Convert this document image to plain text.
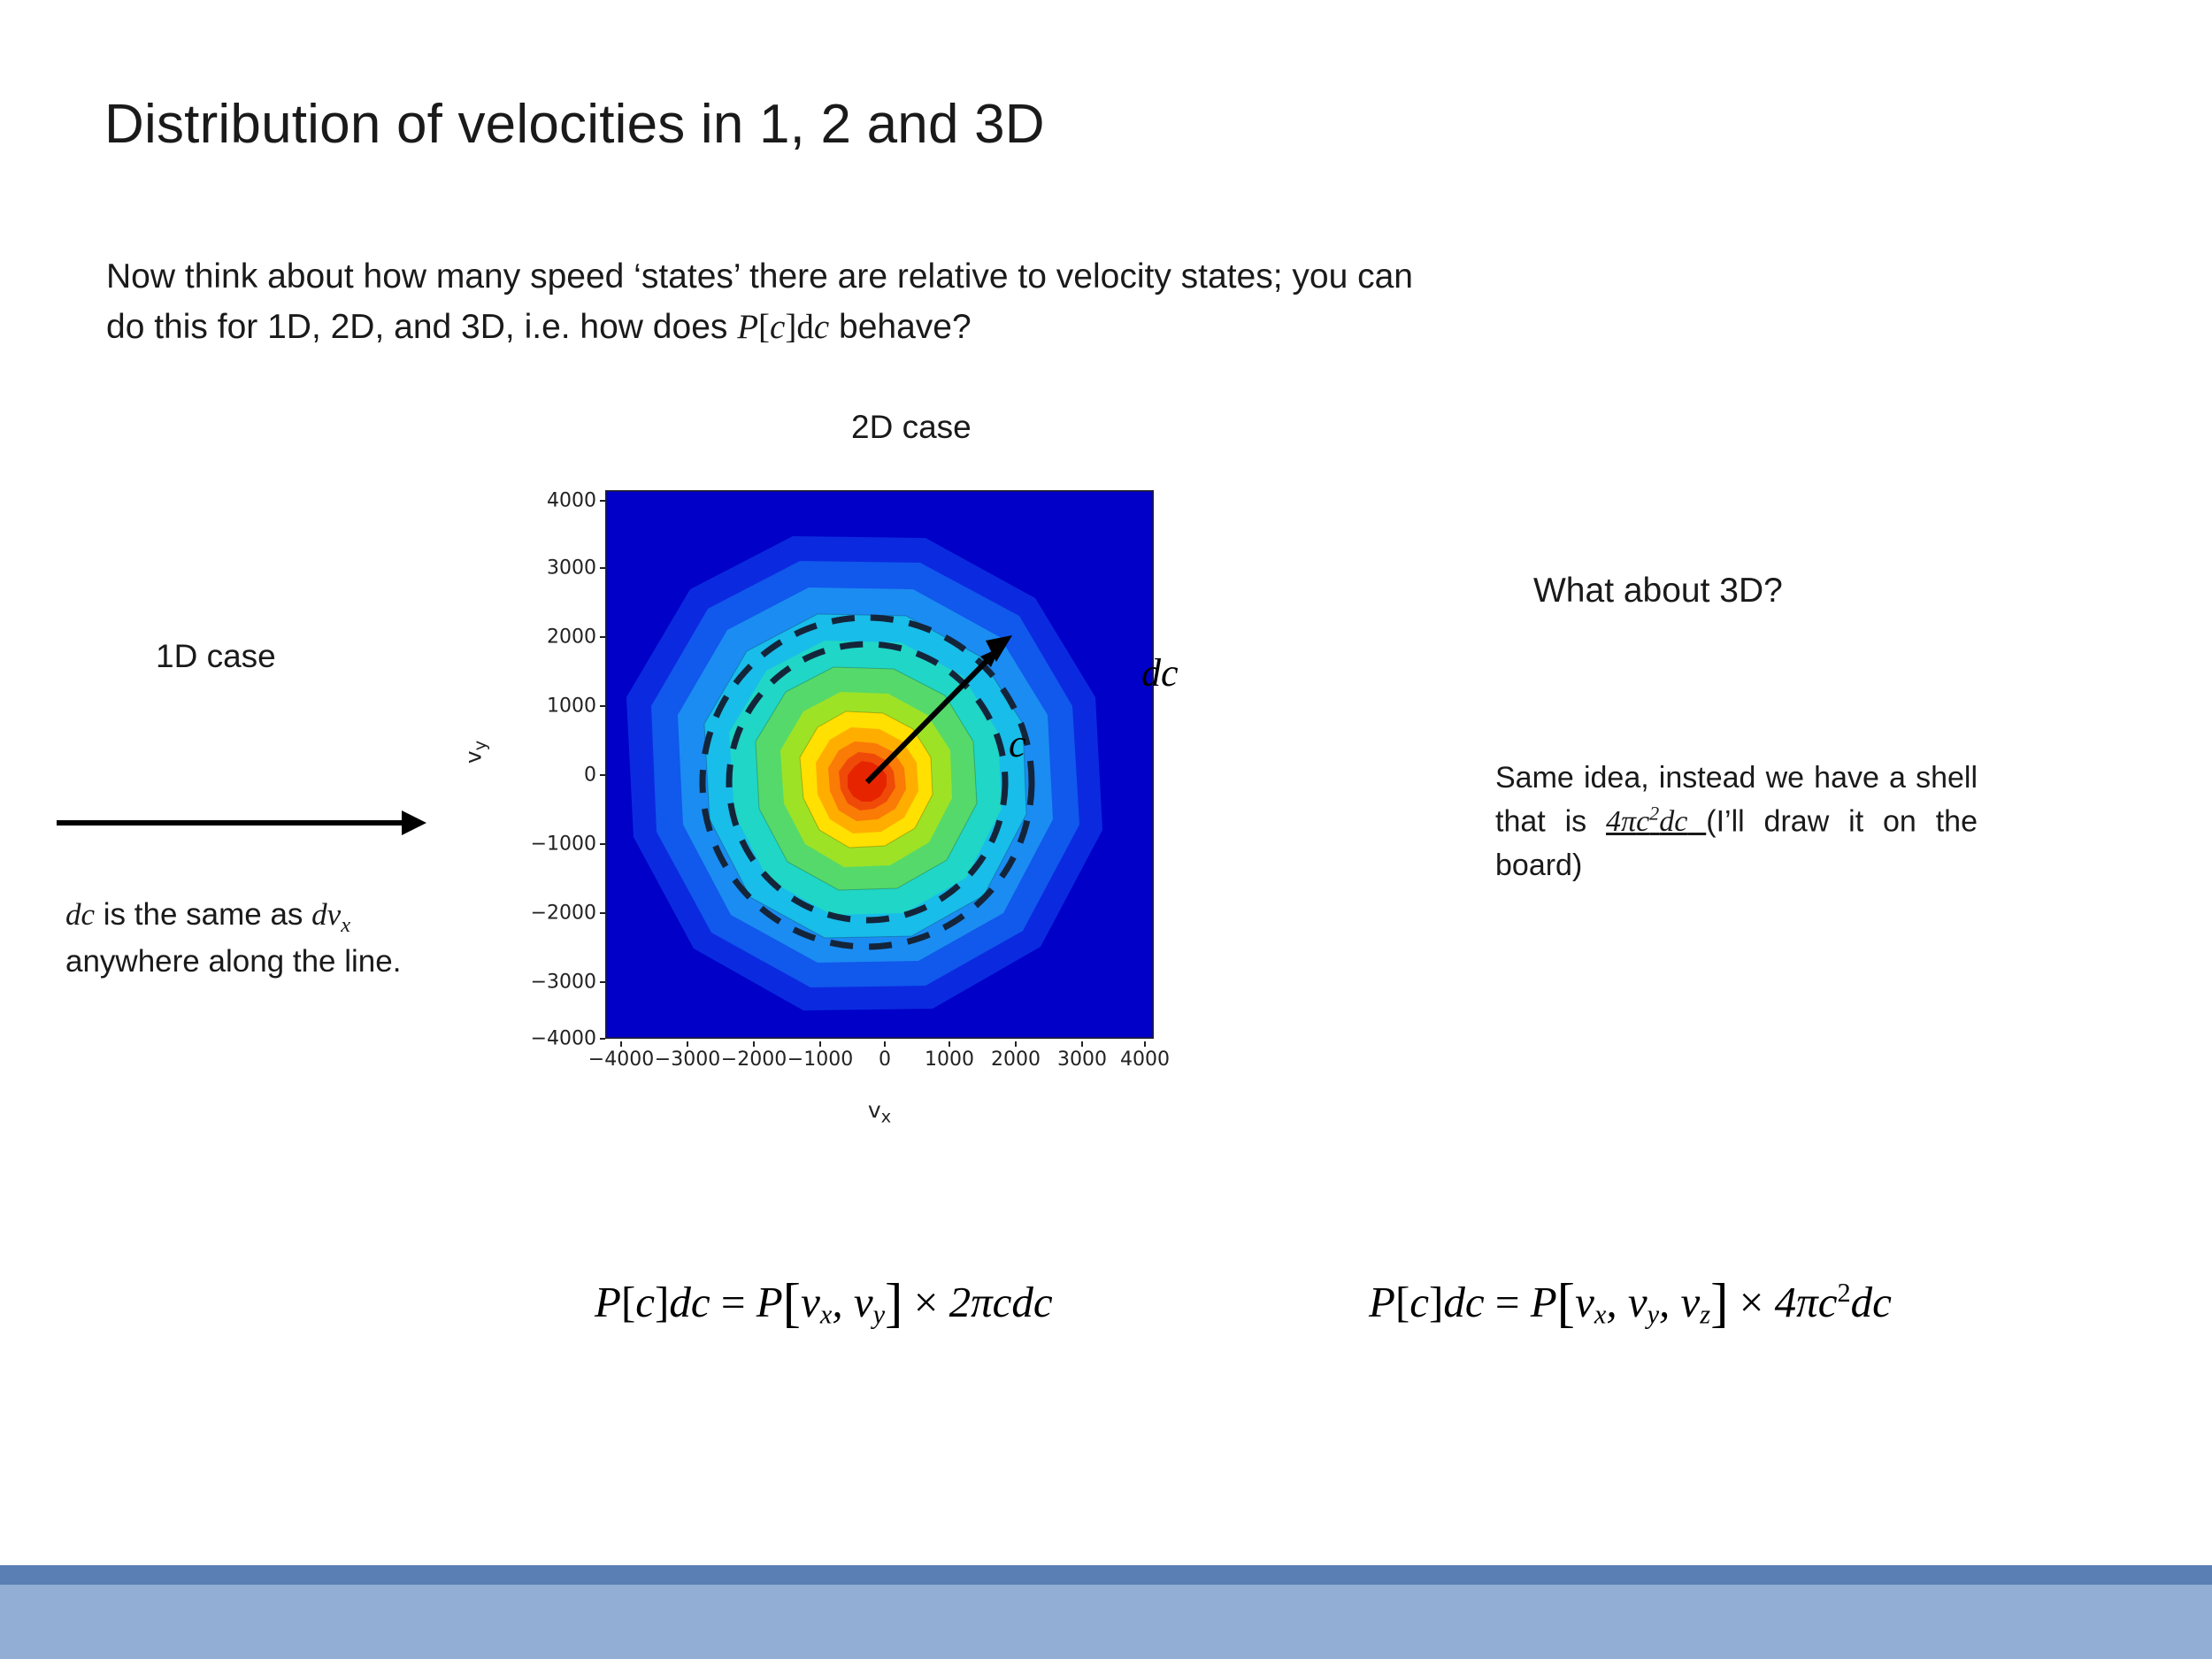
Distribution of velocities in 1, 2 and 3D
Now think about how many speed ‘states’ there are relative to velocity states; you can
do this for 1D, 2D, and 3D, i.e. how does P[c]dc behave?
2D case
1D case
What about 3D?
dc is the same as $dv_x$ anywhere along the line.
Same idea, instead we have a shell that is $4\pi c^2dc$ (I’ll draw it on the board)
4000
3000
2000
1000
0
−1000
−2000
−3000
−4000
−4000 −3000 −2000 −1000 0 1000 2000 3000 4000
$v_y$
$v_x$
dc
c
$P[c]dc = P[v_x$, $v_y] \times 2\pi cdc$	$P[c]dc = P[v_x$, $v_y$, $v_z] \times 4\pi c^2dc$
